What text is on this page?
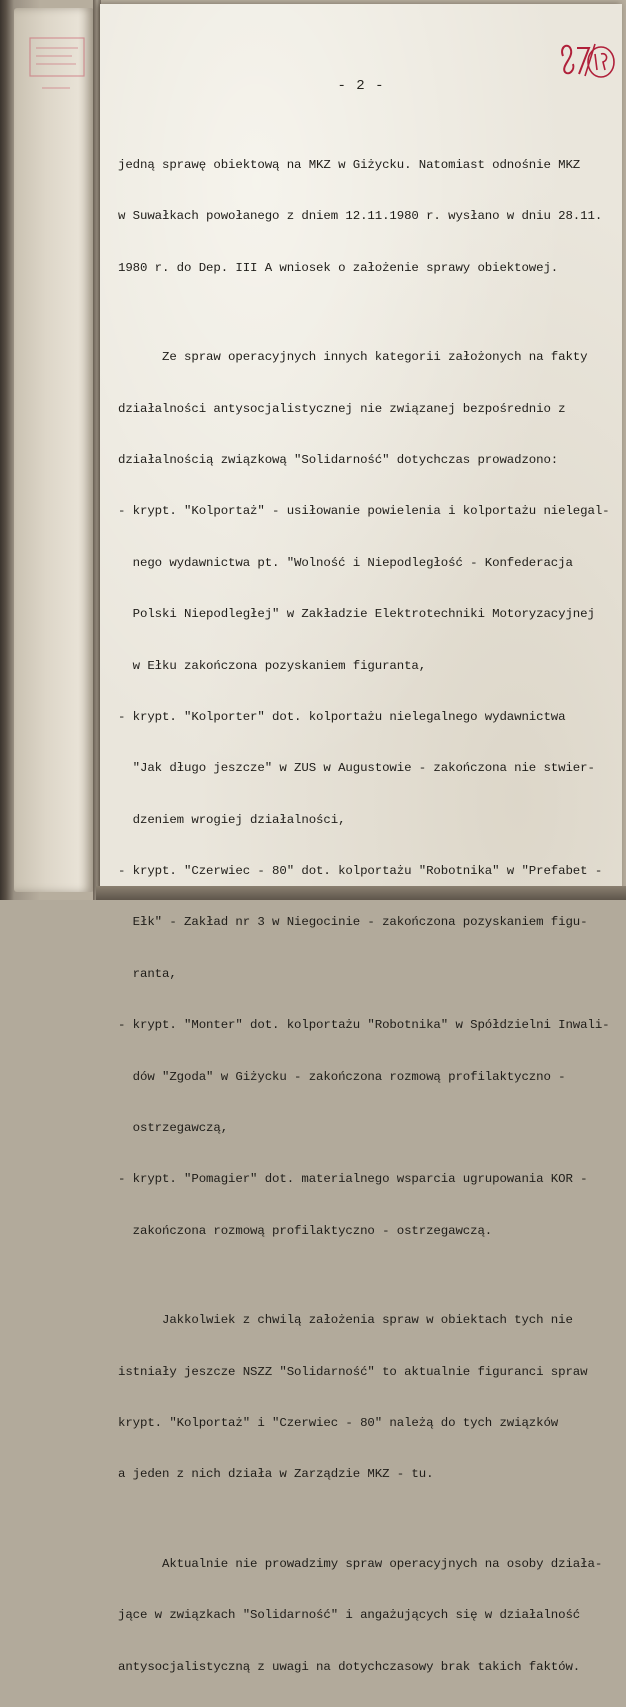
- 2 -

jedną sprawę obiektową na MKZ w Giżycku. Natomiast odnośnie MKZ

w Suwałkach powołanego z dniem 12.11.1980 r. wysłano w dniu 28.11.

1980 r. do Dep. III A wniosek o założenie sprawy obiektowej.

Ze spraw operacyjnych innych kategorii założonych na fakty

działalności antysocjalistycznej nie związanej bezpośrednio z

działalnością związkową "Solidarność" dotychczas prowadzono:

- krypt. "Kolportaż" - usiłowanie powielenia i kolportażu nielegal-

nego wydawnictwa pt. "Wolność i Niepodległość - Konfederacja

Polski Niepodległej" w Zakładzie Elektrotechniki Motoryzacyjnej

w Ełku zakończona pozyskaniem figuranta,

- krypt. "Kolporter" dot. kolportażu nielegalnego wydawnictwa

"Jak długo jeszcze" w ZUS w Augustowie - zakończona nie stwier-

dzeniem wrogiej działalności,

- krypt. "Czerwiec - 80" dot. kolportażu "Robotnika" w "Prefabet -

Ełk" - Zakład nr 3 w Niegocinie - zakończona pozyskaniem figu-

ranta,

- krypt. "Monter" dot. kolportażu "Robotnika" w Spółdzielni Inwali-

dów "Zgoda" w Giżycku - zakończona rozmową profilaktyczno -

ostrzegawczą,

- krypt. "Pomagier" dot. materialnego wsparcia ugrupowania KOR -

zakończona rozmową profilaktyczno - ostrzegawczą.

Jakkolwiek z chwilą założenia spraw w obiektach tych nie

istniały jeszcze NSZZ "Solidarność" to aktualnie figuranci spraw

krypt. "Kolportaż" i "Czerwiec - 80" należą do tych związków

a jeden z nich działa w Zarządzie MKZ - tu.

Aktualnie nie prowadzimy spraw operacyjnych na osoby działa-

jące w związkach "Solidarność" i angażujących się w działalność

antysocjalistyczną z uwagi na dotychczasowy brak takich faktów.
